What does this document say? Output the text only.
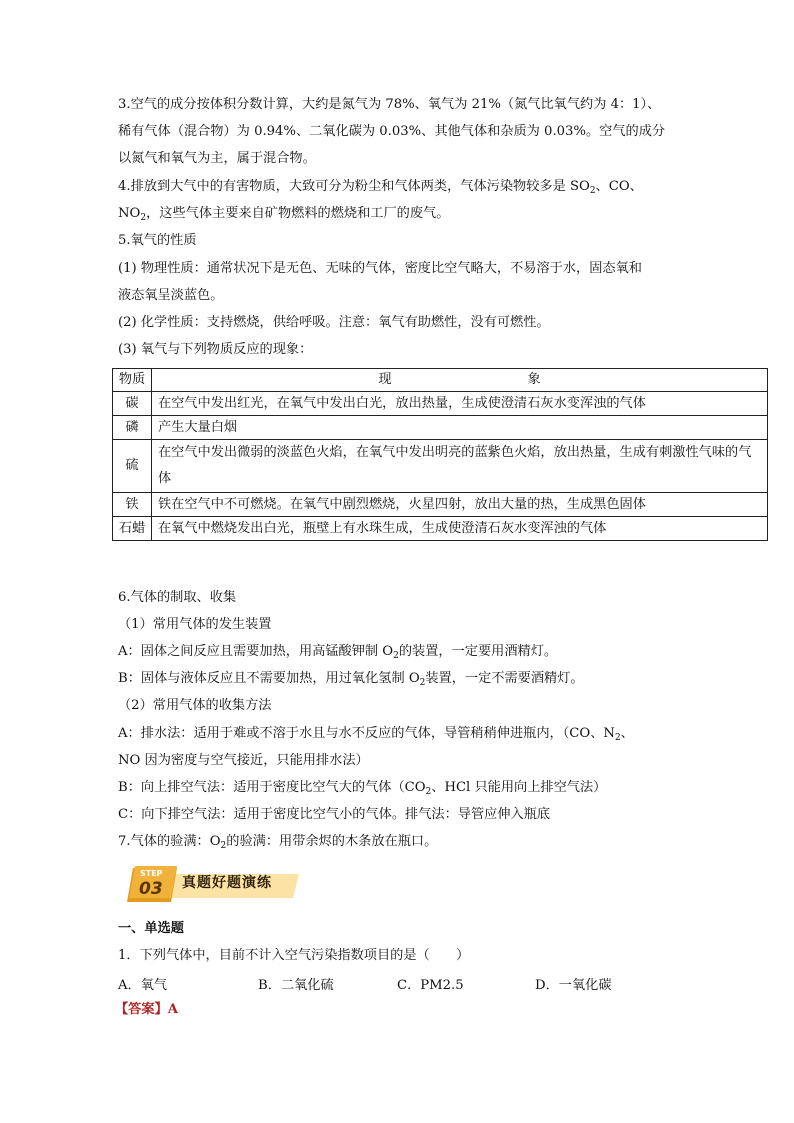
3.空气的成分按体积分数计算，大约是氮气为 78%、氧气为 21%（氮气比氧气约为 4：1）、
稀有气体（混合物）为 0.94%、二氧化碳为 0.03%、其他气体和杂质为 0.03%。空气的成分
以氮气和氧气为主，属于混合物。
4.排放到大气中的有害物质，大致可分为粉尘和气体两类，气体污染物较多是 $SO_2$、CO、
$NO_2$，这些气体主要来自矿物燃料的燃烧和工厂的废气。
5.氧气的性质
(1) 物理性质：通常状况下是无色、无味的气体，密度比空气略大，不易溶于水，固态氧和
液态氧呈淡蓝色。
(2) 化学性质：支持燃烧，供给呼吸。注意：氧气有助燃性，没有可燃性。
(3) 氧气与下列物质反应的现象：
物质	现 象
碳	在空气中发出红光，在氧气中发出白光，放出热量，生成使澄清石灰水变浑浊的气体
磷	产生大量白烟
硫	在空气中发出微弱的淡蓝色火焰，在氧气中发出明亮的蓝紫色火焰，放出热量，生成有刺激性气味的气体
铁	铁在空气中不可燃烧。在氧气中剧烈燃烧，火星四射，放出大量的热，生成黑色固体
石蜡	在氧气中燃烧发出白光，瓶壁上有水珠生成，生成使澄清石灰水变浑浊的气体
6.气体的制取、收集
（1）常用气体的发生装置
A：固体之间反应且需要加热，用高锰酸钾制 $O_2$的装置，一定要用酒精灯。
B：固体与液体反应且不需要加热，用过氧化氢制 $O_2$装置，一定不需要酒精灯。
（2）常用气体的收集方法
A：排水法：适用于难或不溶于水且与水不反应的气体，导管稍稍伸进瓶内，（CO、$N_2$、
NO 因为密度与空气接近，只能用排水法）
B：向上排空气法：适用于密度比空气大的气体（$CO_2$、HCl 只能用向上排空气法）
C：向下排空气法：适用于密度比空气小的气体。排气法：导管应伸入瓶底
7.气体的验满：$O_2$的验满：用带余烬的木条放在瓶口。
STEP
03 真题好题演练
一、单选题
1．下列气体中，目前不计入空气污染指数项目的是（　　）
A．氧气	B．二氧化硫	C．PM2.5	D．一氧化碳
【答案】A
